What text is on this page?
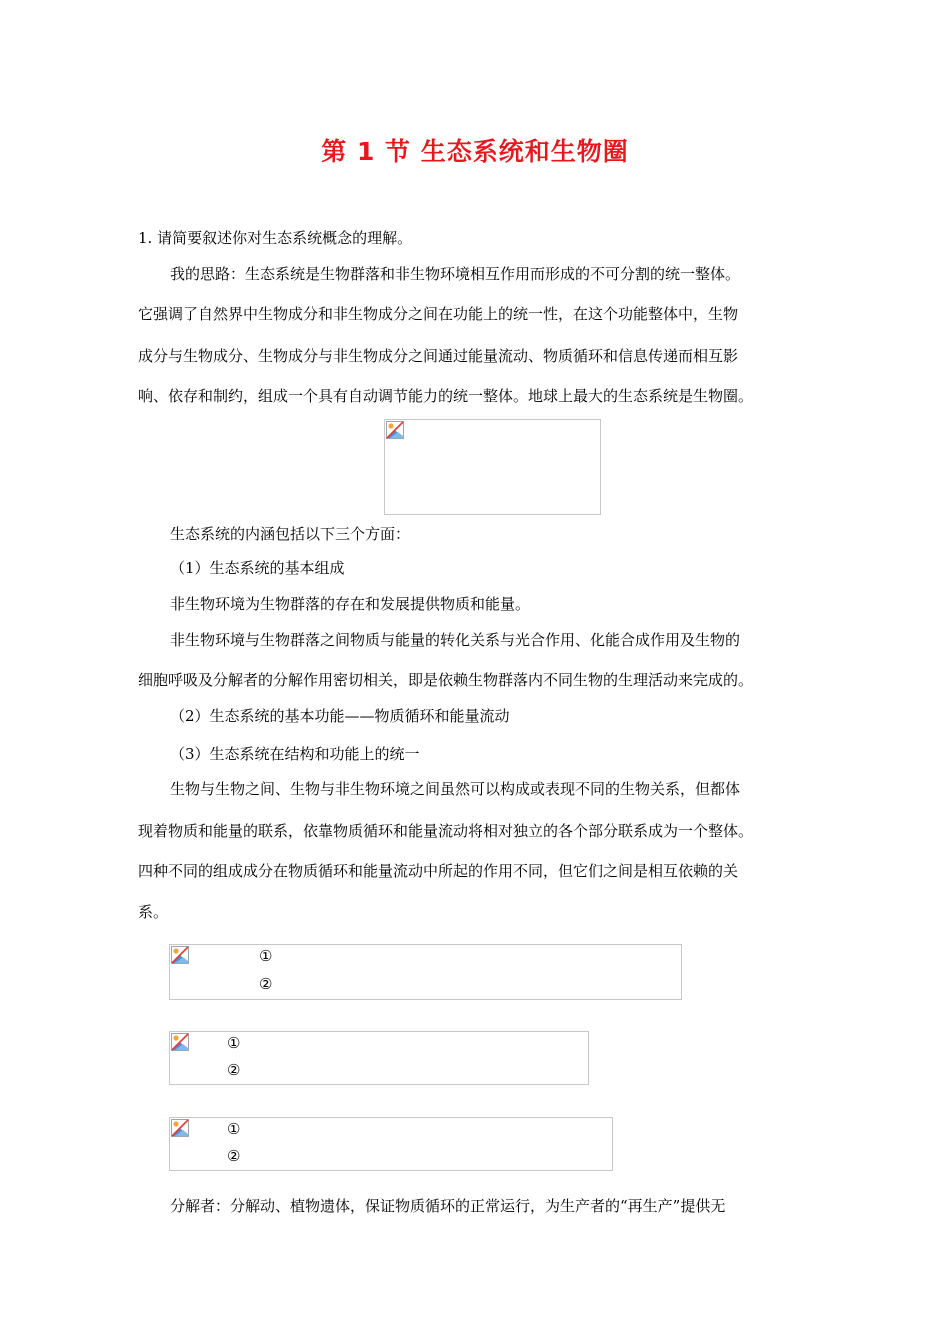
第 1 节 生态系统和生物圈
1. 请简要叙述你对生态系统概念的理解。
我的思路：生态系统是生物群落和非生物环境相互作用而形成的不可分割的统一整体。
它强调了自然界中生物成分和非生物成分之间在功能上的统一性，在这个功能整体中，生物
成分与生物成分、生物成分与非生物成分之间通过能量流动、物质循环和信息传递而相互影
响、依存和制约，组成一个具有自动调节能力的统一整体。地球上最大的生态系统是生物圈。
生态系统的内涵包括以下三个方面：
（1）生态系统的基本组成
非生物环境为生物群落的存在和发展提供物质和能量。
非生物环境与生物群落之间物质与能量的转化关系与光合作用、化能合成作用及生物的
细胞呼吸及分解者的分解作用密切相关，即是依赖生物群落内不同生物的生理活动来完成的。
（2）生态系统的基本功能——物质循环和能量流动
（3）生态系统在结构和功能上的统一
生物与生物之间、生物与非生物环境之间虽然可以构成或表现不同的生物关系，但都体
现着物质和能量的联系，依靠物质循环和能量流动将相对独立的各个部分联系成为一个整体。
四种不同的组成成分在物质循环和能量流动中所起的作用不同，但它们之间是相互依赖的关
系。
①
②
①
②
①
②
分解者：分解动、植物遗体，保证物质循环的正常运行，为生产者的“再生产”提供无
